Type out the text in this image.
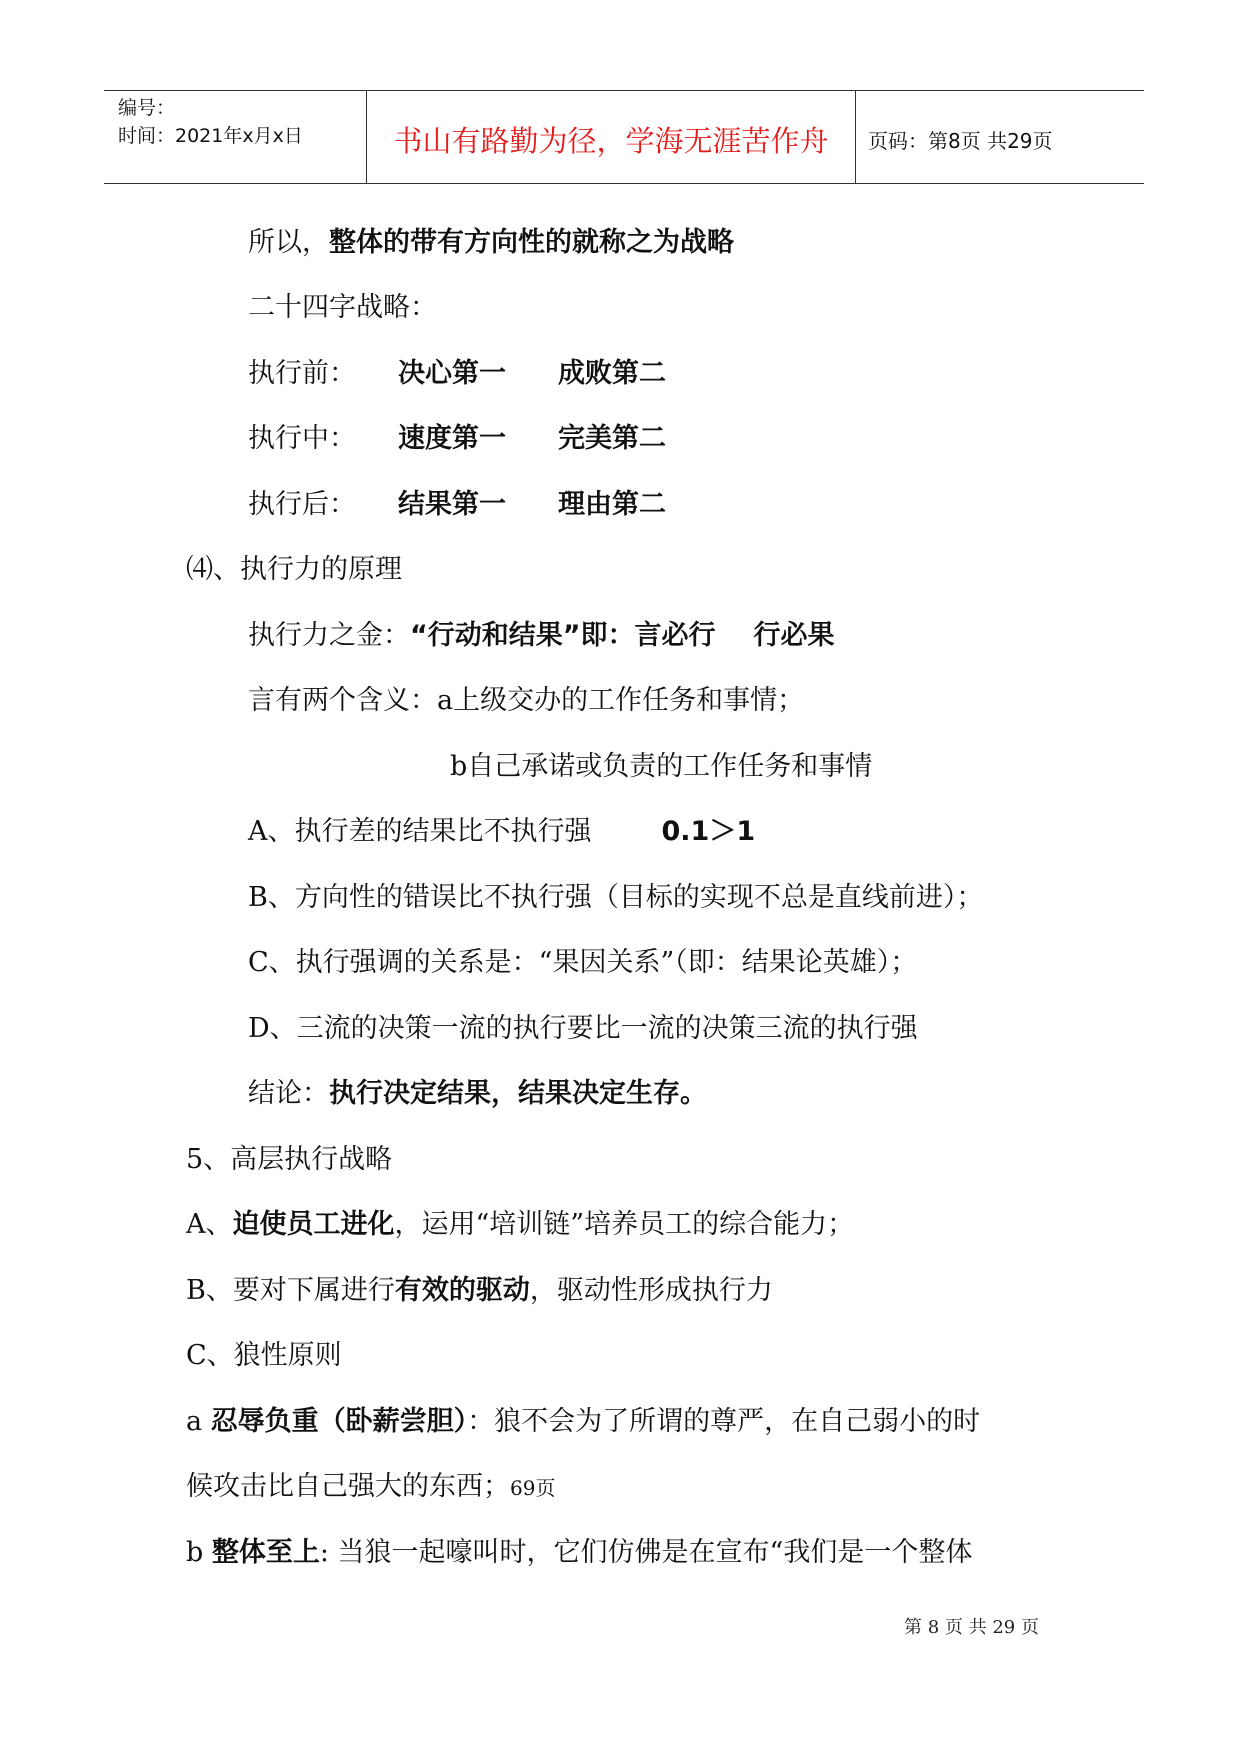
编号：
时间：2021年x月x日	书山有路勤为径，学海无涯苦作舟	页码：第8页 共29页
所以，整体的带有方向性的就称之为战略
二十四字战略：
执行前： 决心第一 成败第二
执行中： 速度第一 完美第二
执行后： 结果第一 理由第二
⑷、执行力的原理
执行力之金：“行动和结果”即：言必行 行必果
言有两个含义：a上级交办的工作任务和事情；
b自己承诺或负责的工作任务和事情
A、执行差的结果比不执行强	0.1＞1
B、方向性的错误比不执行强（目标的实现不总是直线前进）；
C、执行强调的关系是：“果因关系”（即：结果论英雄）；
D、三流的决策一流的执行要比一流的决策三流的执行强
结论：执行决定结果，结果决定生存。
5、高层执行战略
A、迫使员工进化，运用“培训链”培养员工的综合能力；
B、要对下属进行有效的驱动，驱动性形成执行力
C、狼性原则
a 忍辱负重（卧薪尝胆）：狼不会为了所谓的尊严，在自己弱小的时
候攻击比自己强大的东西；69页
b 整体至上: 当狼一起嚎叫时，它们仿佛是在宣布“我们是一个整体
第 8 页 共 29 页
